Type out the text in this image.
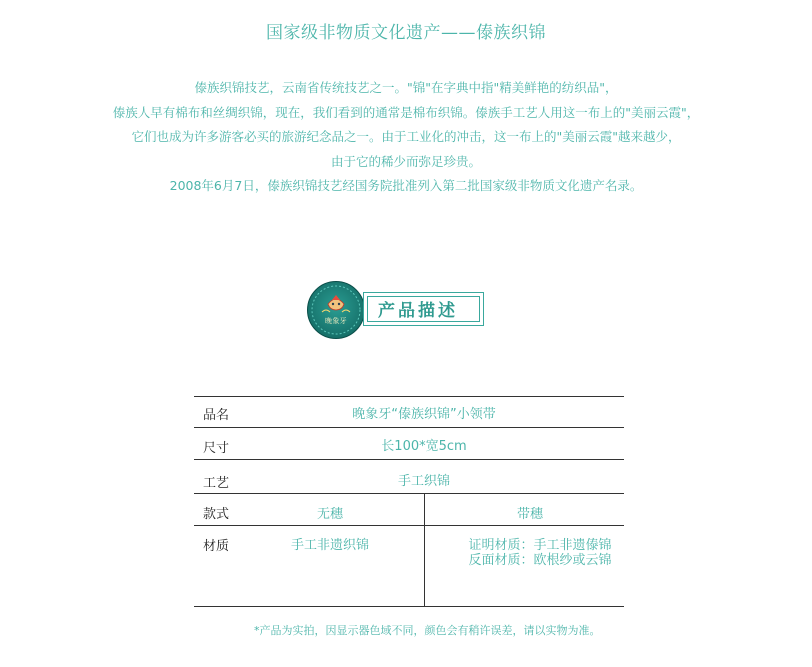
国家级非物质文化遗产——傣族织锦
傣族织锦技艺，云南省传统技艺之一。"锦"在字典中指"精美鲜艳的纺织品"，
傣族人早有棉布和丝绸织锦，现在，我们看到的通常是棉布织锦。傣族手工艺人用这一布上的"美丽云霞"，
它们也成为许多游客必买的旅游纪念品之一。由于工业化的冲击，这一布上的"美丽云霞"越来越少，
由于它的稀少而弥足珍贵。
2008年6月7日，傣族织锦技艺经国务院批准列入第二批国家级非物质文化遗产名录。
晚象牙	产品描述
品名	晚象牙“傣族织锦”小领带
尺寸	长100*宽5cm
工艺	手工织锦
款式	无穗	带穗
材质	手工非遗织锦	证明材质：手工非遗傣锦
反面材质：欧根纱或云锦
*产品为实拍，因显示器色域不同，颜色会有稍许误差，请以实物为准。
